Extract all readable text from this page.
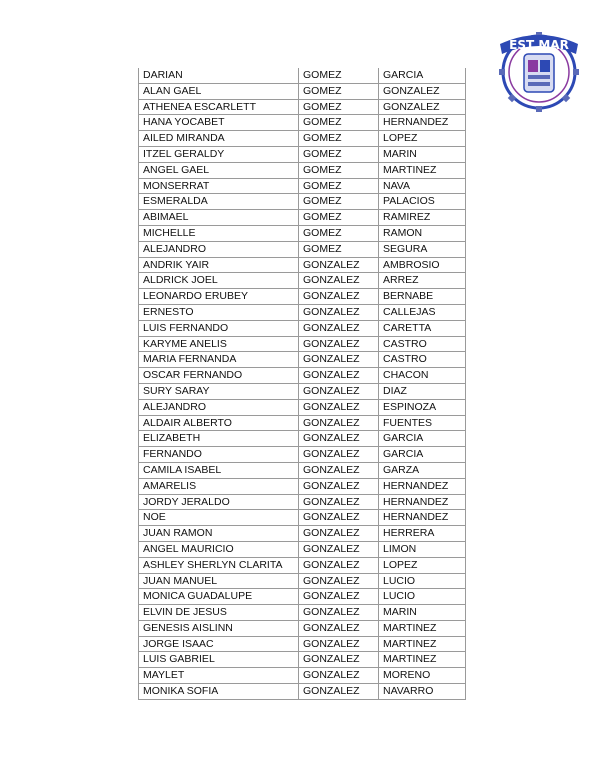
EST MAR
DARIAN	GOMEZ	GARCIA
ALAN GAEL	GOMEZ	GONZALEZ
ATHENEA ESCARLETT	GOMEZ	GONZALEZ
HANA YOCABET	GOMEZ	HERNANDEZ
AILED MIRANDA	GOMEZ	LOPEZ
ITZEL GERALDY	GOMEZ	MARIN
ANGEL GAEL	GOMEZ	MARTINEZ
MONSERRAT	GOMEZ	NAVA
ESMERALDA	GOMEZ	PALACIOS
ABIMAEL	GOMEZ	RAMIREZ
MICHELLE	GOMEZ	RAMON
ALEJANDRO	GOMEZ	SEGURA
ANDRIK YAIR	GONZALEZ	AMBROSIO
ALDRICK JOEL	GONZALEZ	ARREZ
LEONARDO ERUBEY	GONZALEZ	BERNABE
ERNESTO	GONZALEZ	CALLEJAS
LUIS FERNANDO	GONZALEZ	CARETTA
KARYME ANELIS	GONZALEZ	CASTRO
MARIA FERNANDA	GONZALEZ	CASTRO
OSCAR FERNANDO	GONZALEZ	CHACON
SURY SARAY	GONZALEZ	DIAZ
ALEJANDRO	GONZALEZ	ESPINOZA
ALDAIR ALBERTO	GONZALEZ	FUENTES
ELIZABETH	GONZALEZ	GARCIA
FERNANDO	GONZALEZ	GARCIA
CAMILA ISABEL	GONZALEZ	GARZA
AMARELIS	GONZALEZ	HERNANDEZ
JORDY JERALDO	GONZALEZ	HERNANDEZ
NOE	GONZALEZ	HERNANDEZ
JUAN RAMON	GONZALEZ	HERRERA
ANGEL MAURICIO	GONZALEZ	LIMON
ASHLEY SHERLYN CLARITA	GONZALEZ	LOPEZ
JUAN MANUEL	GONZALEZ	LUCIO
MONICA GUADALUPE	GONZALEZ	LUCIO
ELVIN DE JESUS	GONZALEZ	MARIN
GENESIS AISLINN	GONZALEZ	MARTINEZ
JORGE ISAAC	GONZALEZ	MARTINEZ
LUIS GABRIEL	GONZALEZ	MARTINEZ
MAYLET	GONZALEZ	MORENO
MONIKA SOFIA	GONZALEZ	NAVARRO
